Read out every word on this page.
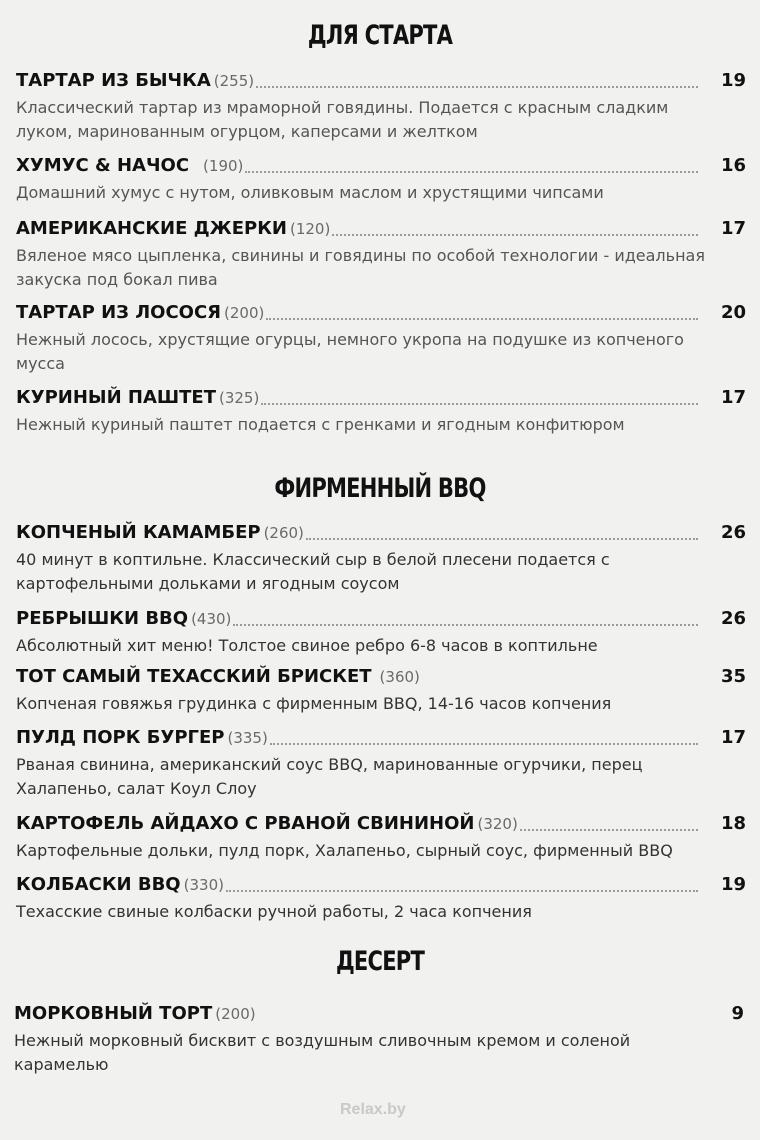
ДЛЯ СТАРТА
ТАРТАР ИЗ БЫЧКА (255)	19
Классический тартар из мраморной говядины. Подается с красным сладким луком, маринованным огурцом, каперсами и желтком
ХУМУС & НАЧОС (190)	16
Домашний хумус с нутом, оливковым маслом и хрустящими чипсами
АМЕРИКАНСКИЕ ДЖЕРКИ (120)	17
Вяленое мясо цыпленка, свинины и говядины по особой технологии - идеальная закуска под бокал пива
ТАРТАР ИЗ ЛОСОСЯ (200)	20
Нежный лосось, хрустящие огурцы, немного укропа на подушке из копченого мусса
КУРИНЫЙ ПАШТЕТ (325)	17
Нежный куриный паштет подается с гренками и ягодным конфитюром
ФИРМЕННЫЙ BBQ
КОПЧЕНЫЙ КАМАМБЕР (260)	26
40 минут в коптильне. Классический сыр в белой плесени подается с картофельными дольками и ягодным соусом
РЕБРЫШКИ BBQ (430)	26
Абсолютный хит меню! Толстое свиное ребро 6-8 часов в коптильне
ТОТ САМЫЙ ТЕХАССКИЙ БРИСКЕТ (360)	35
Копченая говяжья грудинка с фирменным BBQ, 14-16 часов копчения
ПУЛД ПОРК БУРГЕР (335)	17
Рваная свинина, американский соус BBQ, маринованные огурчики, перец Халапеньо, салат Коул Слоу
КАРТОФЕЛЬ АЙДАХО С РВАНОЙ СВИНИНОЙ (320)	18
Картофельные дольки, пулд порк, Халапеньо, сырный соус, фирменный BBQ
КОЛБАСКИ BBQ (330)	19
Техасские свиные колбаски ручной работы, 2 часа копчения
ДЕСЕРТ
МОРКОВНЫЙ ТОРТ (200)	9
Нежный морковный бисквит с воздушным сливочным кремом и соленой карамелью
Relax.by
